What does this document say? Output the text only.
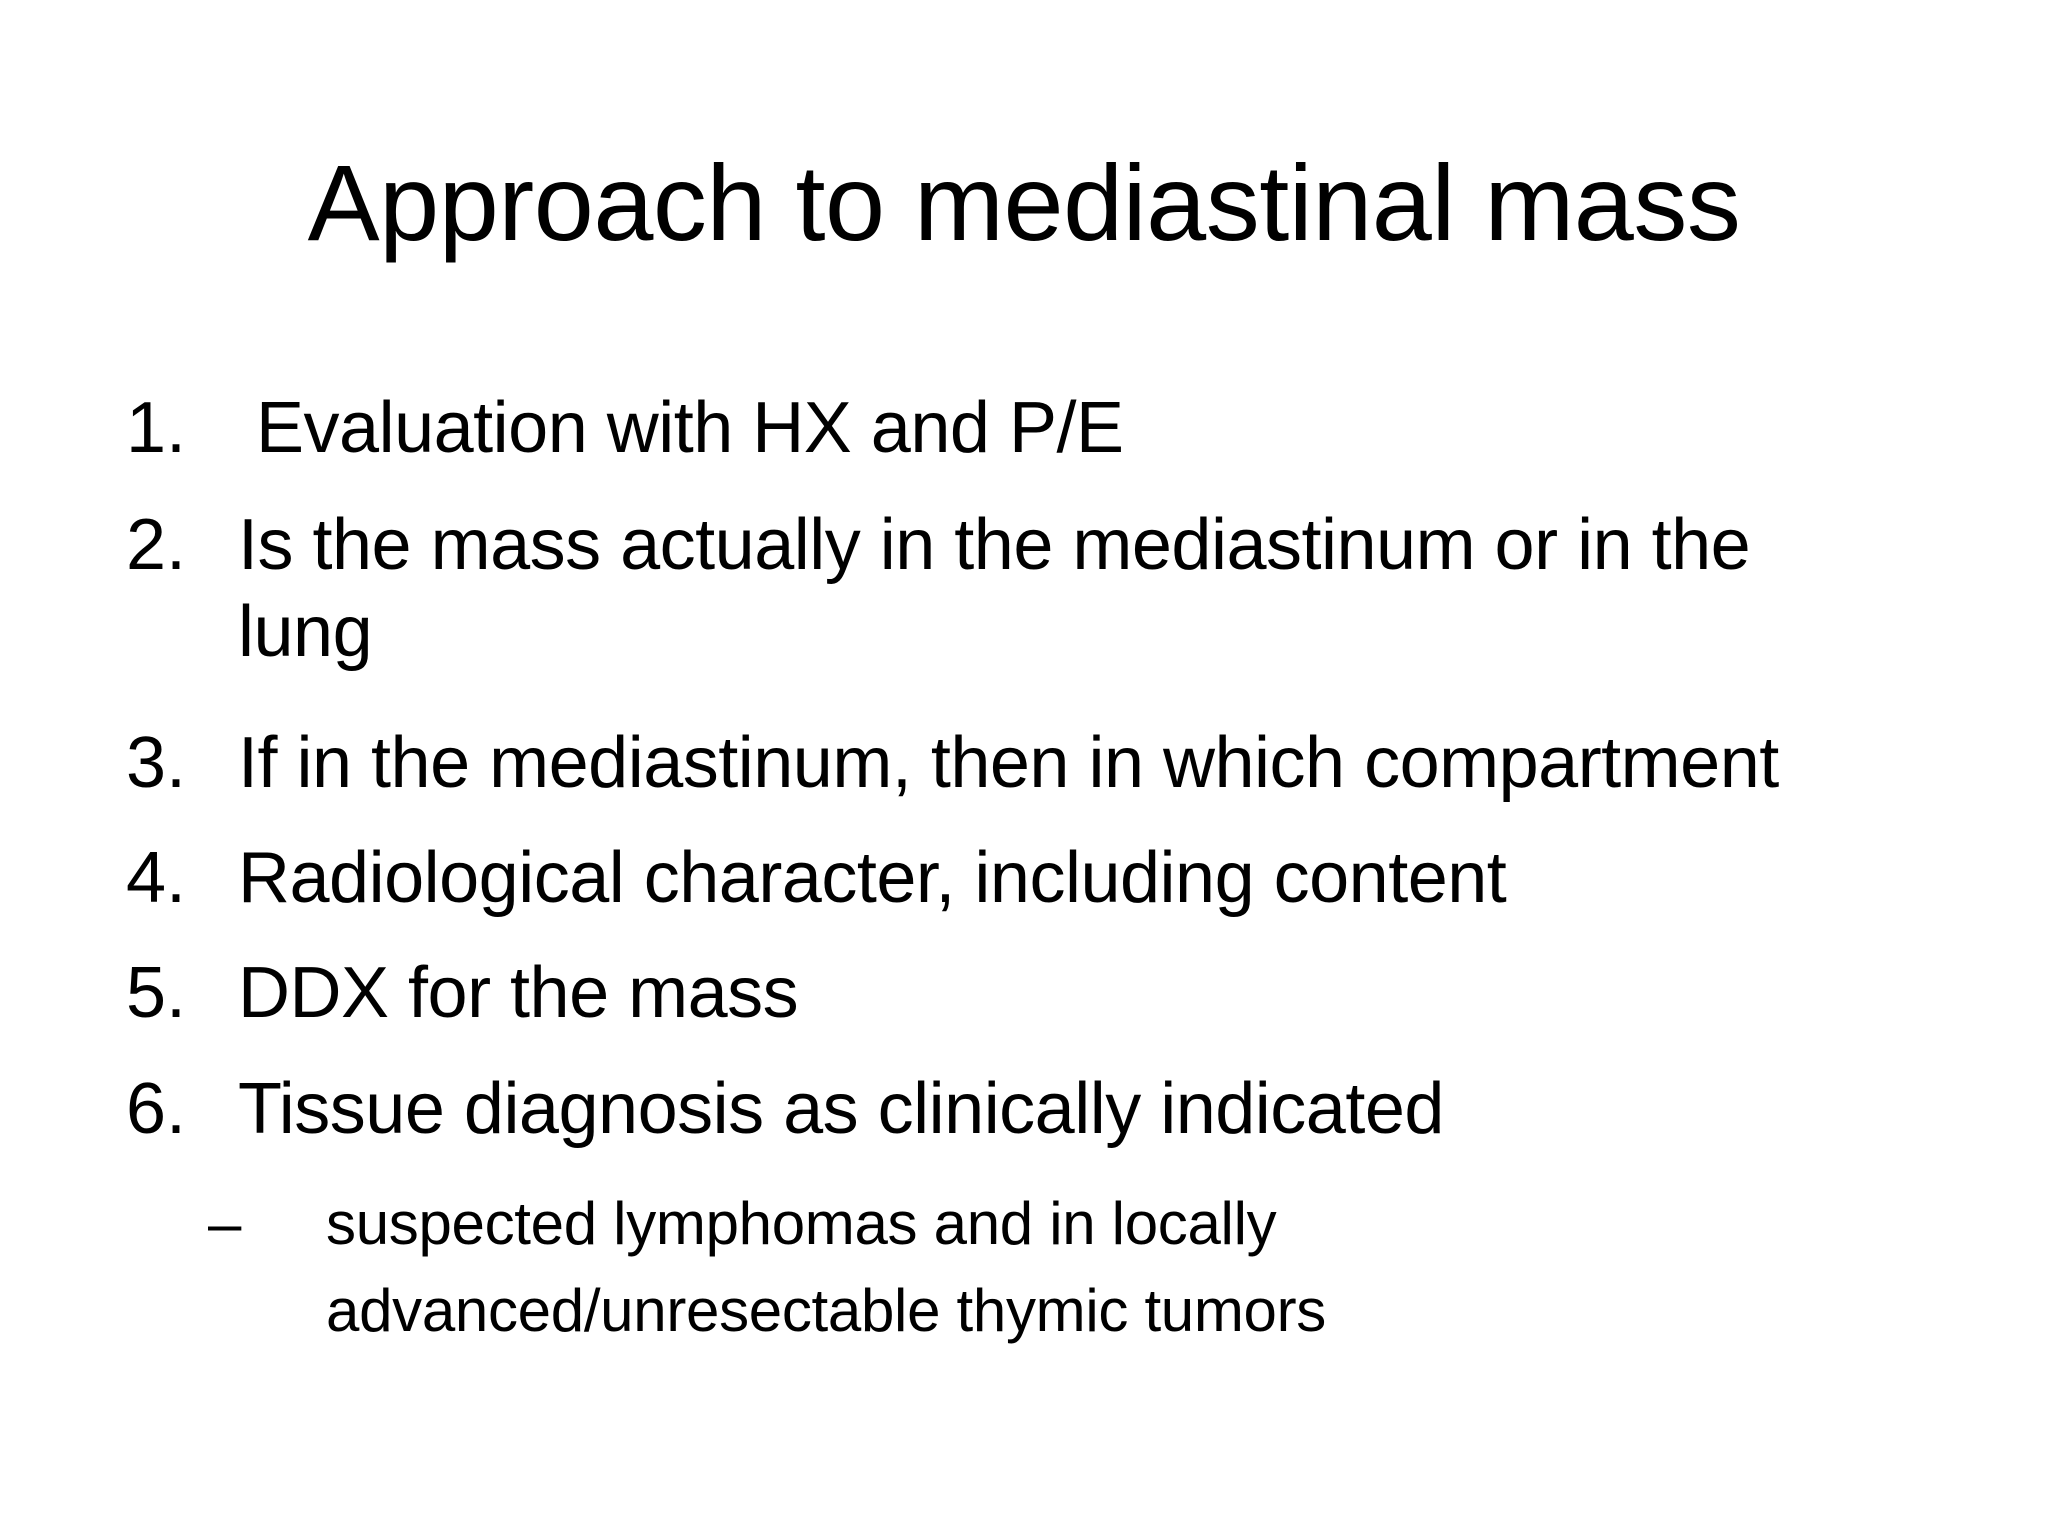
Approach to mediastinal mass
1. Evaluation with HX and P/E
2. Is the mass actually in the mediastinum or in the lung
3. If in the mediastinum, then in which compartment
4. Radiological character, including content
5. DDX for the mass
6. Tissue diagnosis as clinically indicated
– suspected lymphomas and in locally advanced/unresectable thymic tumors
